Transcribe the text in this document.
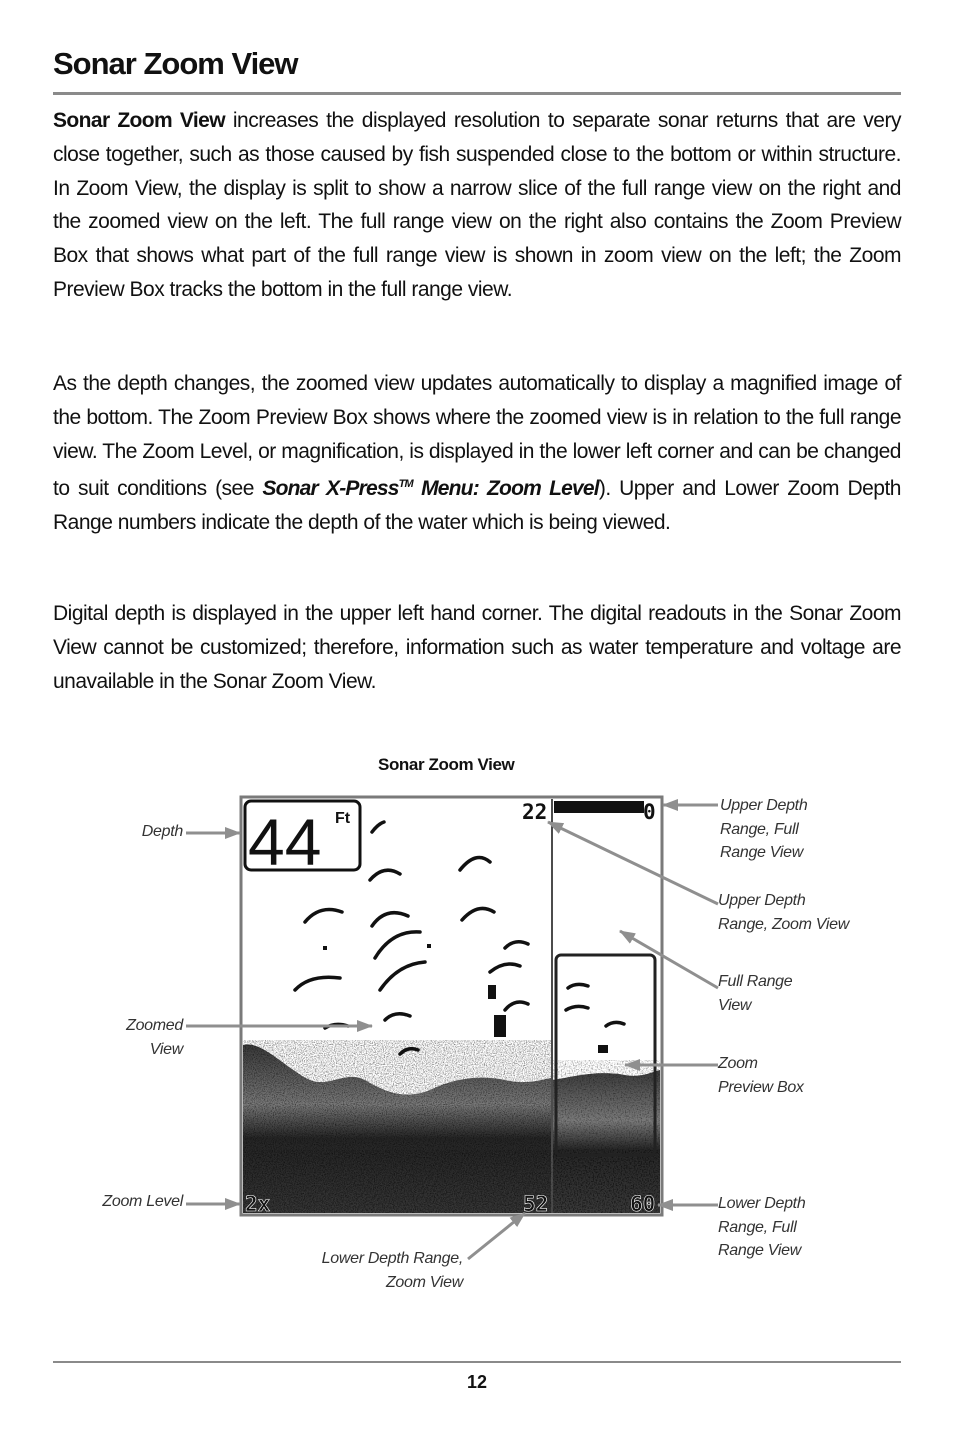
Sonar Zoom View

Sonar Zoom View increases the displayed resolution to separate sonar returns that are very close together, such as those caused by fish suspended close to the bottom or within structure. In Zoom View, the display is split to show a narrow slice of the full range view on the right and the zoomed view on the left. The full range view on the right also contains the Zoom Preview Box that shows what part of the full range view is shown in zoom view on the left; the Zoom Preview Box tracks the bottom in the full range view.

As the depth changes, the zoomed view updates automatically to display a magnified image of the bottom. The Zoom Preview Box shows where the zoomed view is in relation to the full range view. The Zoom Level, or magnification, is displayed in the lower left corner and can be changed to suit conditions (see Sonar X-Press™ Menu: Zoom Level). Upper and Lower Zoom Depth Range numbers indicate the depth of the water which is being viewed.

Digital depth is displayed in the upper left hand corner. The digital readouts in the Sonar Zoom View cannot be customized; therefore, information such as water temperature and voltage are unavailable in the Sonar Zoom View.

Sonar Zoom View
44 Ft	22	0
52	60
2x
Depth
Zoomed
View
Zoom Level
Upper Depth
Range, Full
Range View
Upper Depth
Range, Zoom View
Full Range
View
Zoom
Preview Box
Lower Depth
Range, Full
Range View
Lower Depth Range,
Zoom View
12
